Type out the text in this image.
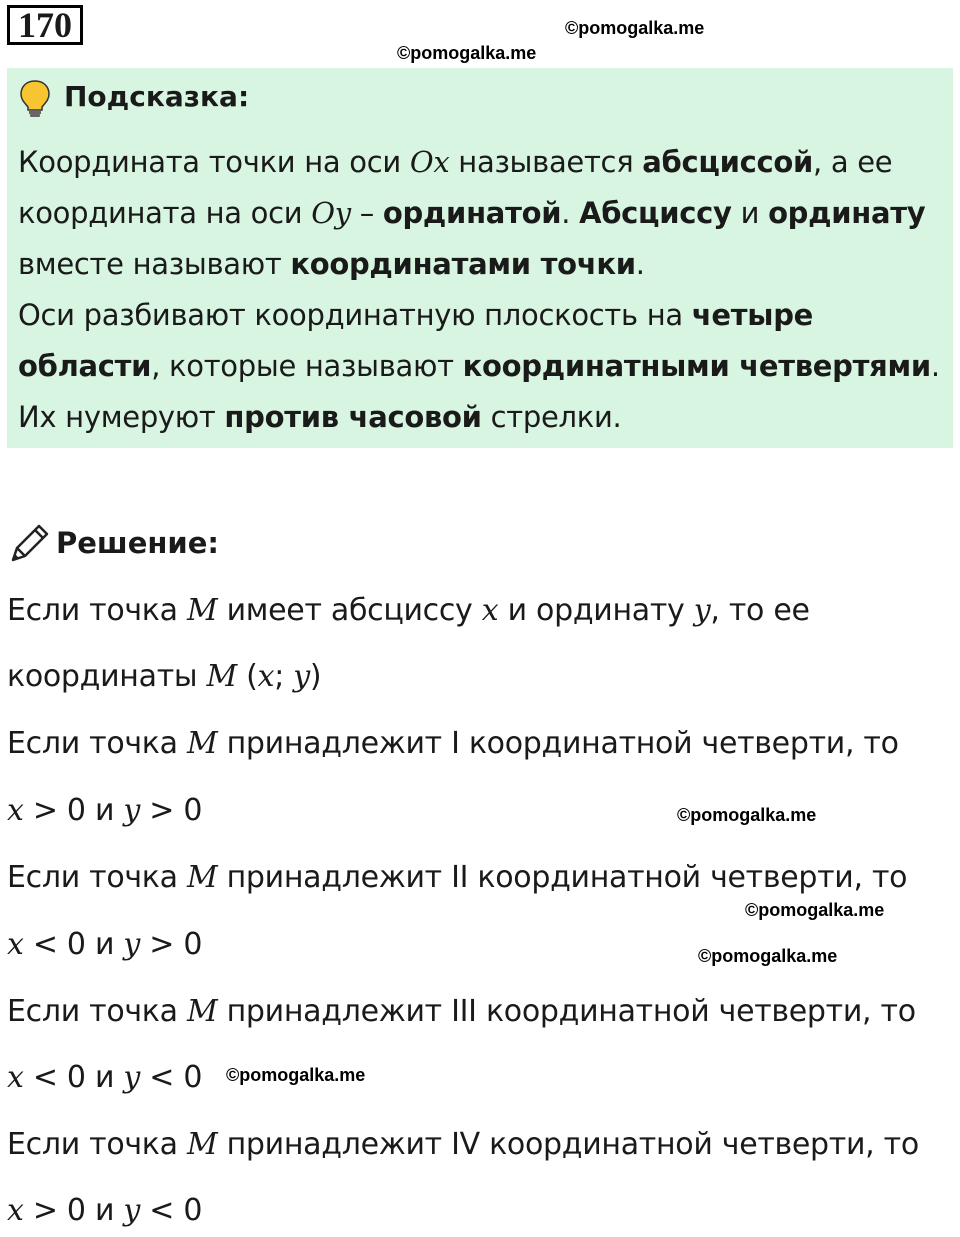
170	©pomogalka.me
©pomogalka.me
Подсказка:
Координата точки на оси Ox называется абсциссой, а ее
координата на оси Oy – ординатой. Абсциссу и ординату
вместе называют координатами точки.
Оси разбивают координатную плоскость на четыре
области, которые называют координатными четвертями.
Их нумеруют против часовой стрелки.
Решение:
Если точка M имеет абсциссу x и ординату y, то ее
координаты M (x; y)
Если точка M принадлежит I координатной четверти, то
x > 0 и y > 0	©pomogalka.me
Если точка M принадлежит II координатной четверти, то
©pomogalka.me
x < 0 и y > 0	©pomogalka.me
Если точка M принадлежит III координатной четверти, то
x < 0 и y < 0 ©pomogalka.me
Если точка M принадлежит IV координатной четверти, то
x > 0 и y < 0
